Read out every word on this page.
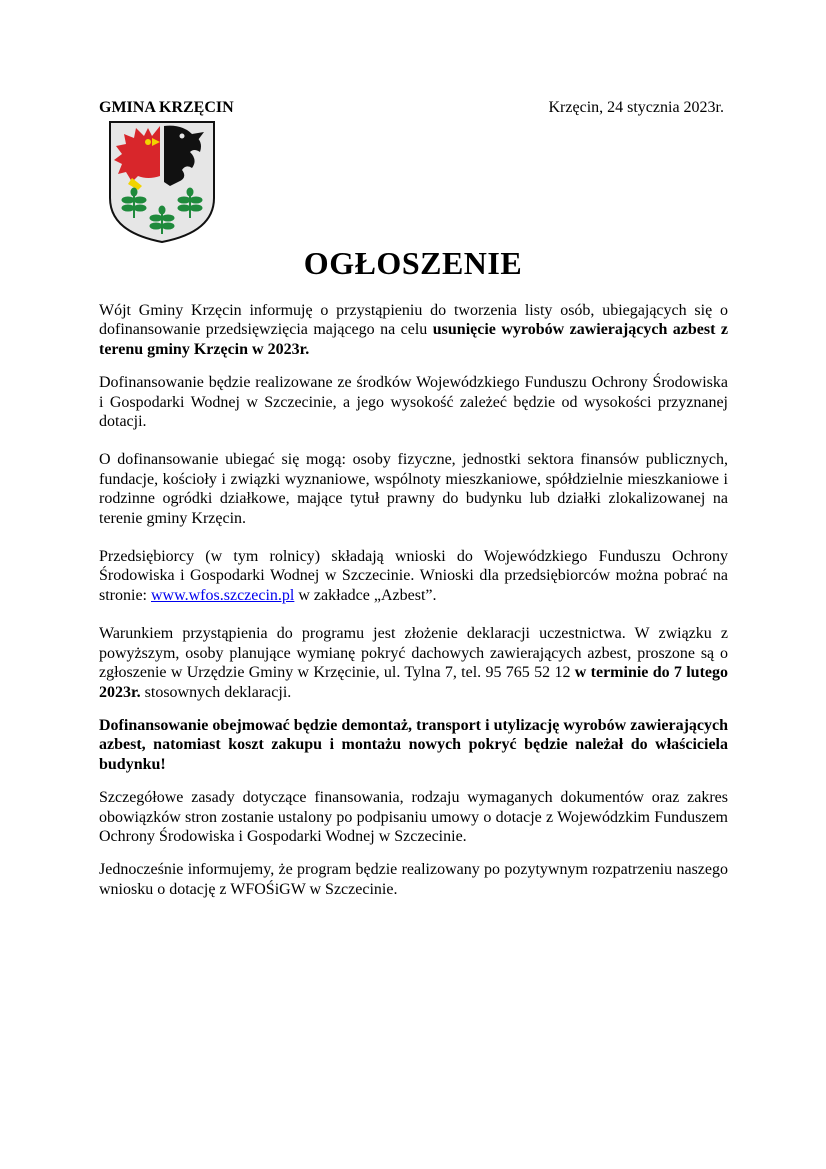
GMINA KRZĘCIN	Krzęcin, 24 stycznia 2023r.
OGŁOSZENIE

Wójt Gminy Krzęcin informuję o przystąpieniu do tworzenia listy osób, ubiegających się o dofinansowanie przedsięwzięcia mającego na celu usunięcie wyrobów zawierających azbest z terenu gminy Krzęcin w 2023r.

Dofinansowanie będzie realizowane ze środków Wojewódzkiego Funduszu Ochrony Środowiska i Gospodarki Wodnej w Szczecinie, a jego wysokość zależeć będzie od wysokości przyznanej dotacji.

O dofinansowanie ubiegać się mogą: osoby fizyczne, jednostki sektora finansów publicznych, fundacje, kościoły i związki wyznaniowe, wspólnoty mieszkaniowe, spółdzielnie mieszkaniowe i rodzinne ogródki działkowe, mające tytuł prawny do budynku lub działki zlokalizowanej na terenie gminy Krzęcin.

Przedsiębiorcy (w tym rolnicy) składają wnioski do Wojewódzkiego Funduszu Ochrony Środowiska i Gospodarki Wodnej w Szczecinie. Wnioski dla przedsiębiorców można pobrać na stronie: www.wfos.szczecin.pl w zakładce „Azbest”.

Warunkiem przystąpienia do programu jest złożenie deklaracji uczestnictwa. W związku z powyższym, osoby planujące wymianę pokryć dachowych zawierających azbest, proszone są o zgłoszenie w Urzędzie Gminy w Krzęcinie, ul. Tylna 7, tel. 95 765 52 12 w terminie do 7 lutego 2023r. stosownych deklaracji.

Dofinansowanie obejmować będzie demontaż, transport i utylizację wyrobów zawierających azbest, natomiast koszt zakupu i montażu nowych pokryć będzie należał do właściciela budynku!

Szczegółowe zasady dotyczące finansowania, rodzaju wymaganych dokumentów oraz zakres obowiązków stron zostanie ustalony po podpisaniu umowy o dotacje z Wojewódzkim Funduszem Ochrony Środowiska i Gospodarki Wodnej w Szczecinie.

Jednocześnie informujemy, że program będzie realizowany po pozytywnym rozpatrzeniu naszego wniosku o dotację z WFOŚiGW w Szczecinie.
